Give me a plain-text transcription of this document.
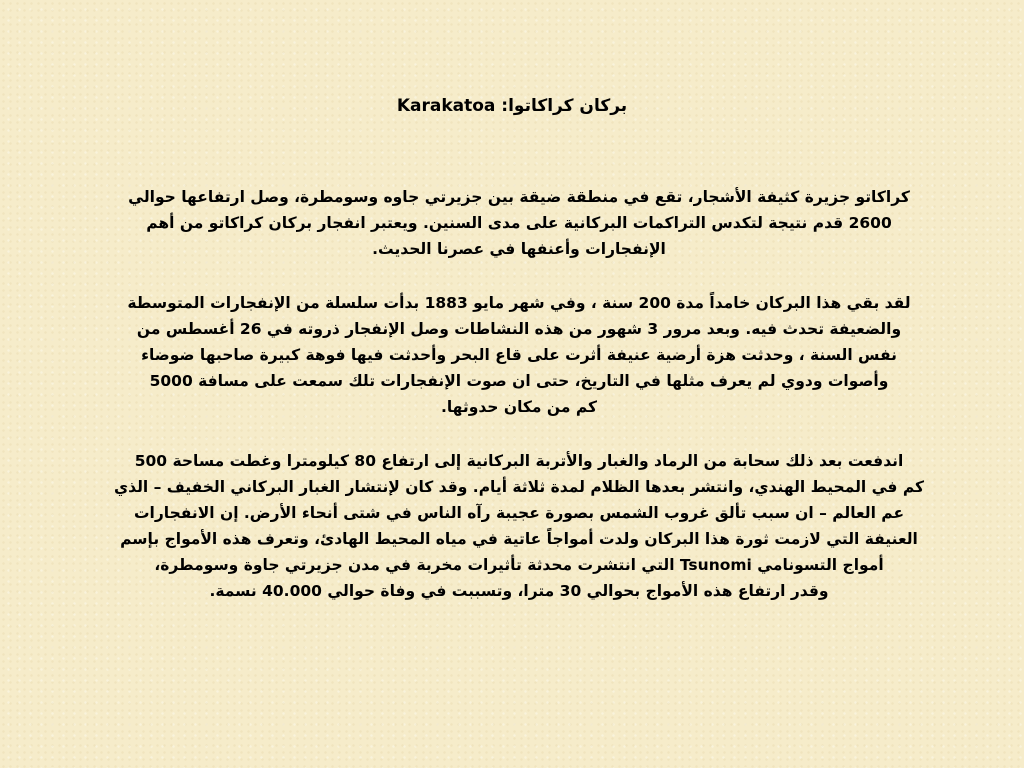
بركان كراكاتوا: Karakatoa

كراكاتو جزيرة كثيفة الأشجار، تقع في منطقة ضيقة بين جزيرتي جاوه وسومطرة، وصل ارتفاعها حوالي
2600 قدم نتيجة لتكدس التراكمات البركانية على مدى السنين. ويعتبر انفجار بركان كراكاتو من أهم
الإنفجارات وأعنفها في عصرنا الحديث.

لقد بقي هذا البركان خامداً مدة 200 سنة ، وفي شهر مايو 1883 بدأت سلسلة من الإنفجارات المتوسطة
والضعيفة تحدث فيه. وبعد مرور 3 شهور من هذه النشاطات وصل الإنفجار ذروته في 26 أغسطس من
نفس السنة ، وحدثت هزة أرضية عنيفة أثرت على قاع البحر وأحدثت فيها فوهة كبيرة صاحبها ضوضاء
وأصوات ودوي لم يعرف مثلها في التاريخ، حتى ان صوت الإنفجارات تلك سمعت على مسافة 5000
كم من مكان حدوثها.

اندفعت بعد ذلك سحابة من الرماد والغبار والأتربة البركانية إلى ارتفاع 80 كيلومترا وغطت مساحة 500
كم في المحيط الهندي، وانتشر بعدها الظلام لمدة ثلاثة أيام. وقد كان لإنتشار الغبار البركاني الخفيف – الذي
عم العالم – ان سبب تألق غروب الشمس بصورة عجيبة رآه الناس في شتى أنحاء الأرض. إن الانفجارات
العنيفة التي لازمت ثورة هذا البركان ولدت أمواجاً عاتية في مياه المحيط الهادئ، وتعرف هذه الأمواج بإسم
أمواج التسونامي Tsunomi التي انتشرت محدثة تأثيرات مخربة في مدن جزيرتي جاوة وسومطرة،
وقدر ارتفاع هذه الأمواج بحوالي 30 مترا، وتسببت في وفاة حوالي 40.000 نسمة.
